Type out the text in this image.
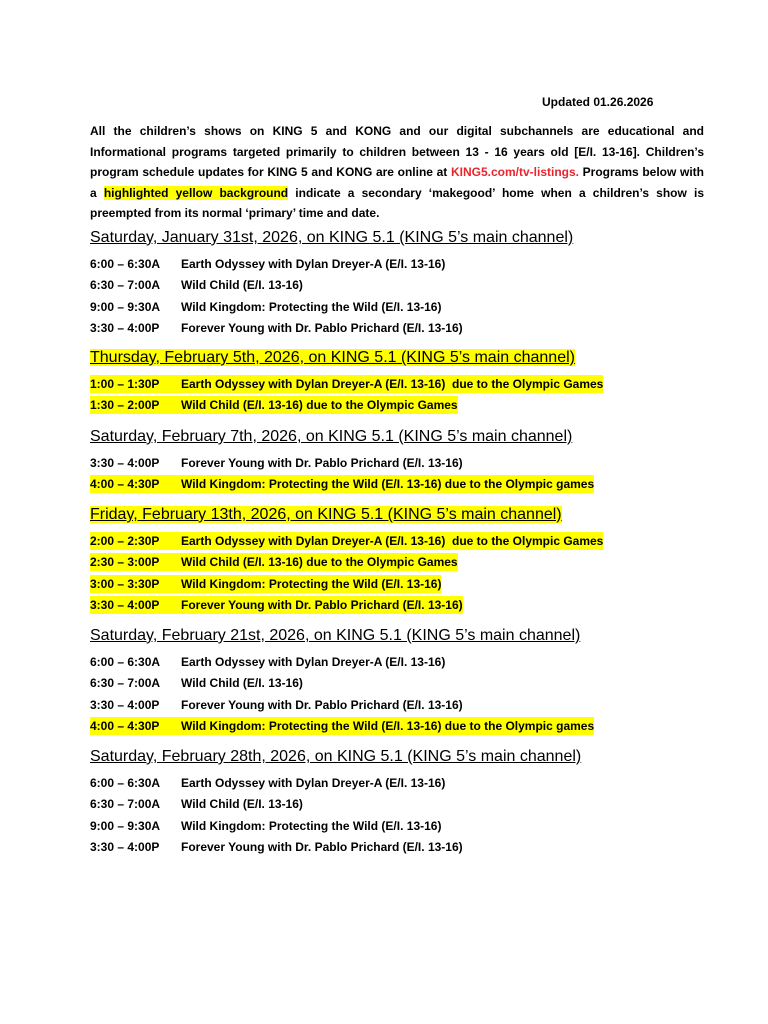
Updated 01.26.2026
All the children’s shows on KING 5 and KONG and our digital subchannels are educational and Informational programs targeted primarily to children between 13 - 16 years old [E/I. 13-16]. Children’s program schedule updates for KING 5 and KONG are online at KING5.com/tv-listings. Programs below with a highlighted yellow background indicate a secondary ‘makegood’ home when a children’s show is preempted from its normal ‘primary’ time and date.
Saturday, January 31st, 2026, on KING 5.1 (KING 5’s main channel)
6:00 – 6:30A Earth Odyssey with Dylan Dreyer-A (E/I. 13-16)
6:30 – 7:00A Wild Child (E/I. 13-16)
9:00 – 9:30A Wild Kingdom: Protecting the Wild (E/I. 13-16)
3:30 – 4:00P Forever Young with Dr. Pablo Prichard (E/I. 13-16)
Thursday, February 5th, 2026, on KING 5.1 (KING 5’s main channel)
1:00 – 1:30P Earth Odyssey with Dylan Dreyer-A (E/I. 13-16)  due to the Olympic Games
1:30 – 2:00P Wild Child (E/I. 13-16) due to the Olympic Games
Saturday, February 7th, 2026, on KING 5.1 (KING 5’s main channel)
3:30 – 4:00P Forever Young with Dr. Pablo Prichard (E/I. 13-16)
4:00 – 4:30P Wild Kingdom: Protecting the Wild (E/I. 13-16) due to the Olympic games
Friday, February 13th, 2026, on KING 5.1 (KING 5’s main channel)
2:00 – 2:30P Earth Odyssey with Dylan Dreyer-A (E/I. 13-16)  due to the Olympic Games
2:30 – 3:00P Wild Child (E/I. 13-16) due to the Olympic Games
3:00 – 3:30P Wild Kingdom: Protecting the Wild (E/I. 13-16)
3:30 – 4:00P Forever Young with Dr. Pablo Prichard (E/I. 13-16)
Saturday, February 21st, 2026, on KING 5.1 (KING 5’s main channel)
6:00 – 6:30A Earth Odyssey with Dylan Dreyer-A (E/I. 13-16)
6:30 – 7:00A Wild Child (E/I. 13-16)
3:30 – 4:00P Forever Young with Dr. Pablo Prichard (E/I. 13-16)
4:00 – 4:30P Wild Kingdom: Protecting the Wild (E/I. 13-16) due to the Olympic games
Saturday, February 28th, 2026, on KING 5.1 (KING 5’s main channel)
6:00 – 6:30A Earth Odyssey with Dylan Dreyer-A (E/I. 13-16)
6:30 – 7:00A Wild Child (E/I. 13-16)
9:00 – 9:30A Wild Kingdom: Protecting the Wild (E/I. 13-16)
3:30 – 4:00P Forever Young with Dr. Pablo Prichard (E/I. 13-16)
